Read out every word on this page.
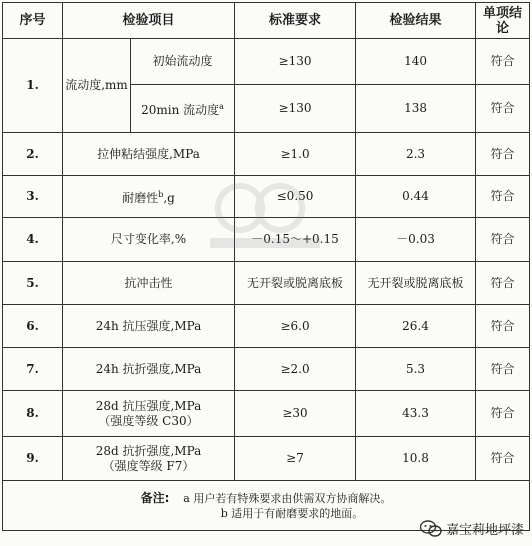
序号	检验项目		标准要求	检验结果	单项结论
1.	流动度,mm	初始流动度	≥130	140	符合
		20min 流动度$^a$	≥130	138	符合
2.	拉伸粘结强度,MPa		≥1.0	2.3	符合
3.	耐磨性$^b$,g		≤0.50	0.44	符合
4.	尺寸变化率,%		－0.15～+0.15	－0.03	符合
5.	抗冲击性		无开裂或脱离底板	无开裂或脱离底板	符合
6.	24h 抗压强度,MPa		≥6.0	26.4	符合
7.	24h 抗折强度,MPa		≥2.0	5.3	符合
8.	28d 抗压强度,MPa
（强度等级 C30）		≥30	43.3	符合
9.	28d 抗折强度,MPa
（强度等级 F7）		≥7	10.8	符合
备注: a 用户若有特殊要求由供需双方协商解决。
b 适用于有耐磨要求的地面。					
嘉宝莉地坪漆
